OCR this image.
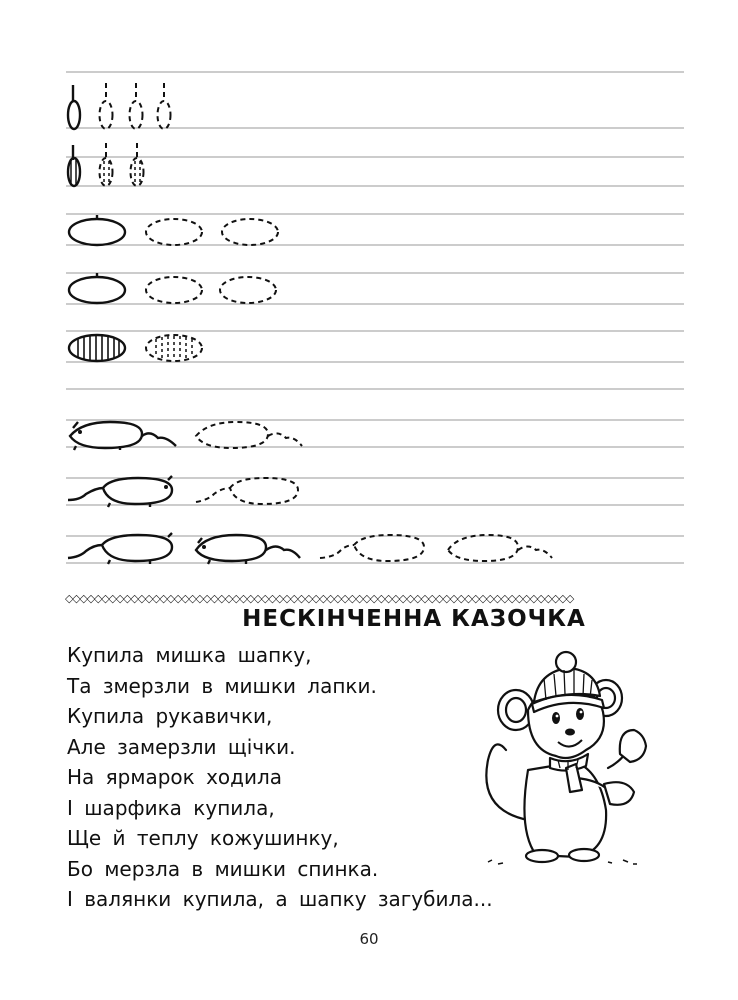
◇◇◇◇◇◇◇◇◇◇◇◇◇◇◇◇◇◇◇◇◇◇◇◇◇◇◇◇◇◇◇◇◇◇◇◇◇◇◇◇◇◇◇◇◇◇◇◇◇◇◇◇◇◇◇◇◇◇◇◇◇◇◇◇◇◇◇◇◇◇
НЕСКІНЧЕННА КАЗОЧКА
Купила мишка шапку,
Та змерзли в мишки лапки.
Купила рукавички,
Але замерзли щічки.
На ярмарок ходила
І шарфика купила,
Ще й теплу кожушинку,
Бо мерзла в мишки спинка.
І валянки купила, а шапку загубила...
60
